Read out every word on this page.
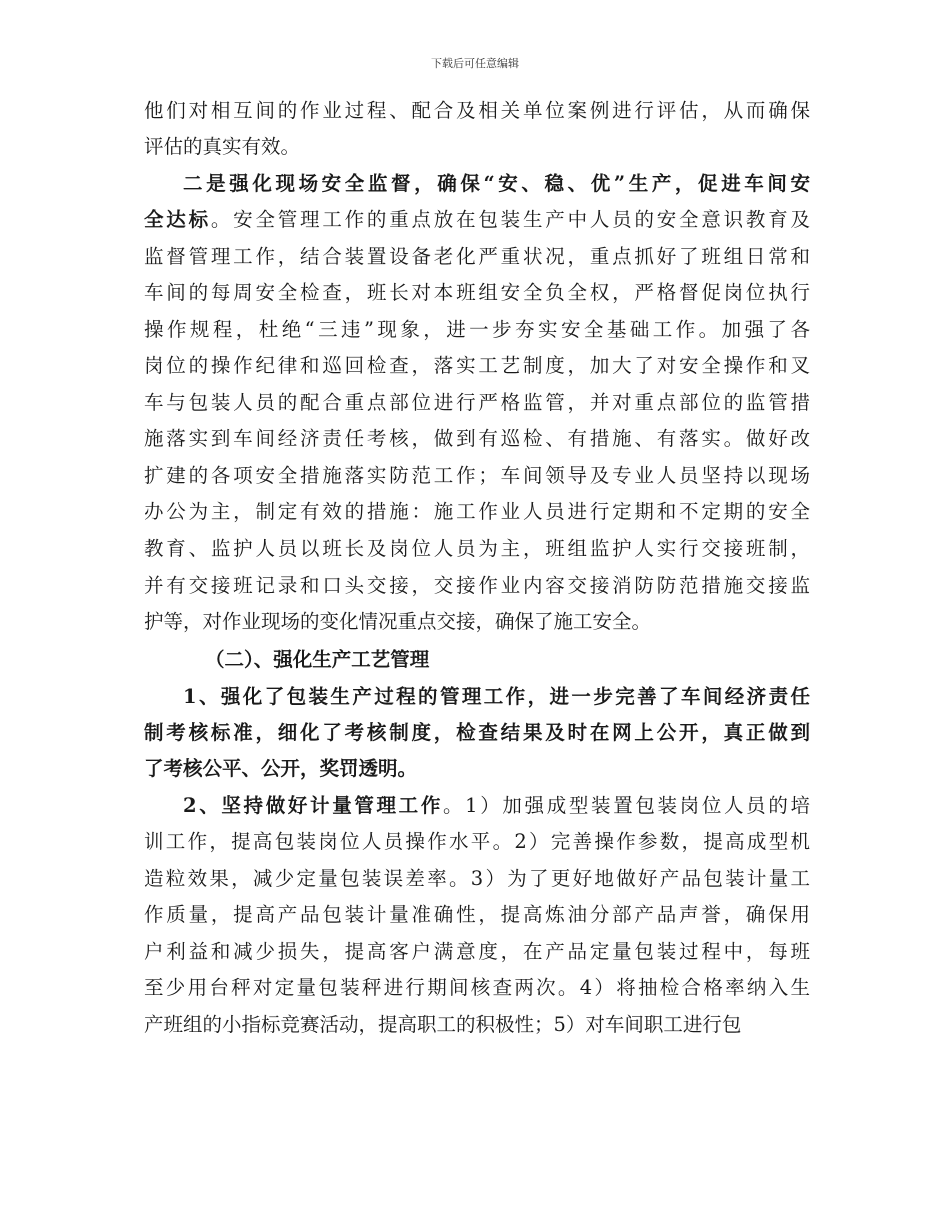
下载后可任意编辑
他们对相互间的作业过程、配合及相关单位案例进行评估，从而确保
评估的真实有效。
二是强化现场安全监督，确保“安、稳、优”生产，促进车间安
全达标。安全管理工作的重点放在包装生产中人员的安全意识教育及
监督管理工作，结合装置设备老化严重状况，重点抓好了班组日常和
车间的每周安全检查，班长对本班组安全负全权，严格督促岗位执行
操作规程，杜绝“三违”现象，进一步夯实安全基础工作。加强了各
岗位的操作纪律和巡回检查，落实工艺制度，加大了对安全操作和叉
车与包装人员的配合重点部位进行严格监管，并对重点部位的监管措
施落实到车间经济责任考核，做到有巡检、有措施、有落实。做好改
扩建的各项安全措施落实防范工作；车间领导及专业人员坚持以现场
办公为主，制定有效的措施：施工作业人员进行定期和不定期的安全
教育、监护人员以班长及岗位人员为主，班组监护人实行交接班制，
并有交接班记录和口头交接，交接作业内容交接消防防范措施交接监
护等，对作业现场的变化情况重点交接，确保了施工安全。
（二）、强化生产工艺管理
1、强化了包装生产过程的管理工作，进一步完善了车间经济责任
制考核标准，细化了考核制度，检查结果及时在网上公开，真正做到
了考核公平、公开，奖罚透明。
2、坚持做好计量管理工作。1）加强成型装置包装岗位人员的培
训工作，提高包装岗位人员操作水平。2）完善操作参数，提高成型机
造粒效果，减少定量包装误差率。3）为了更好地做好产品包装计量工
作质量，提高产品包装计量准确性，提高炼油分部产品声誉，确保用
户利益和减少损失，提高客户满意度，在产品定量包装过程中，每班
至少用台秤对定量包装秤进行期间核查两次。4）将抽检合格率纳入生
产班组的小指标竞赛活动，提高职工的积极性；5）对车间职工进行包
